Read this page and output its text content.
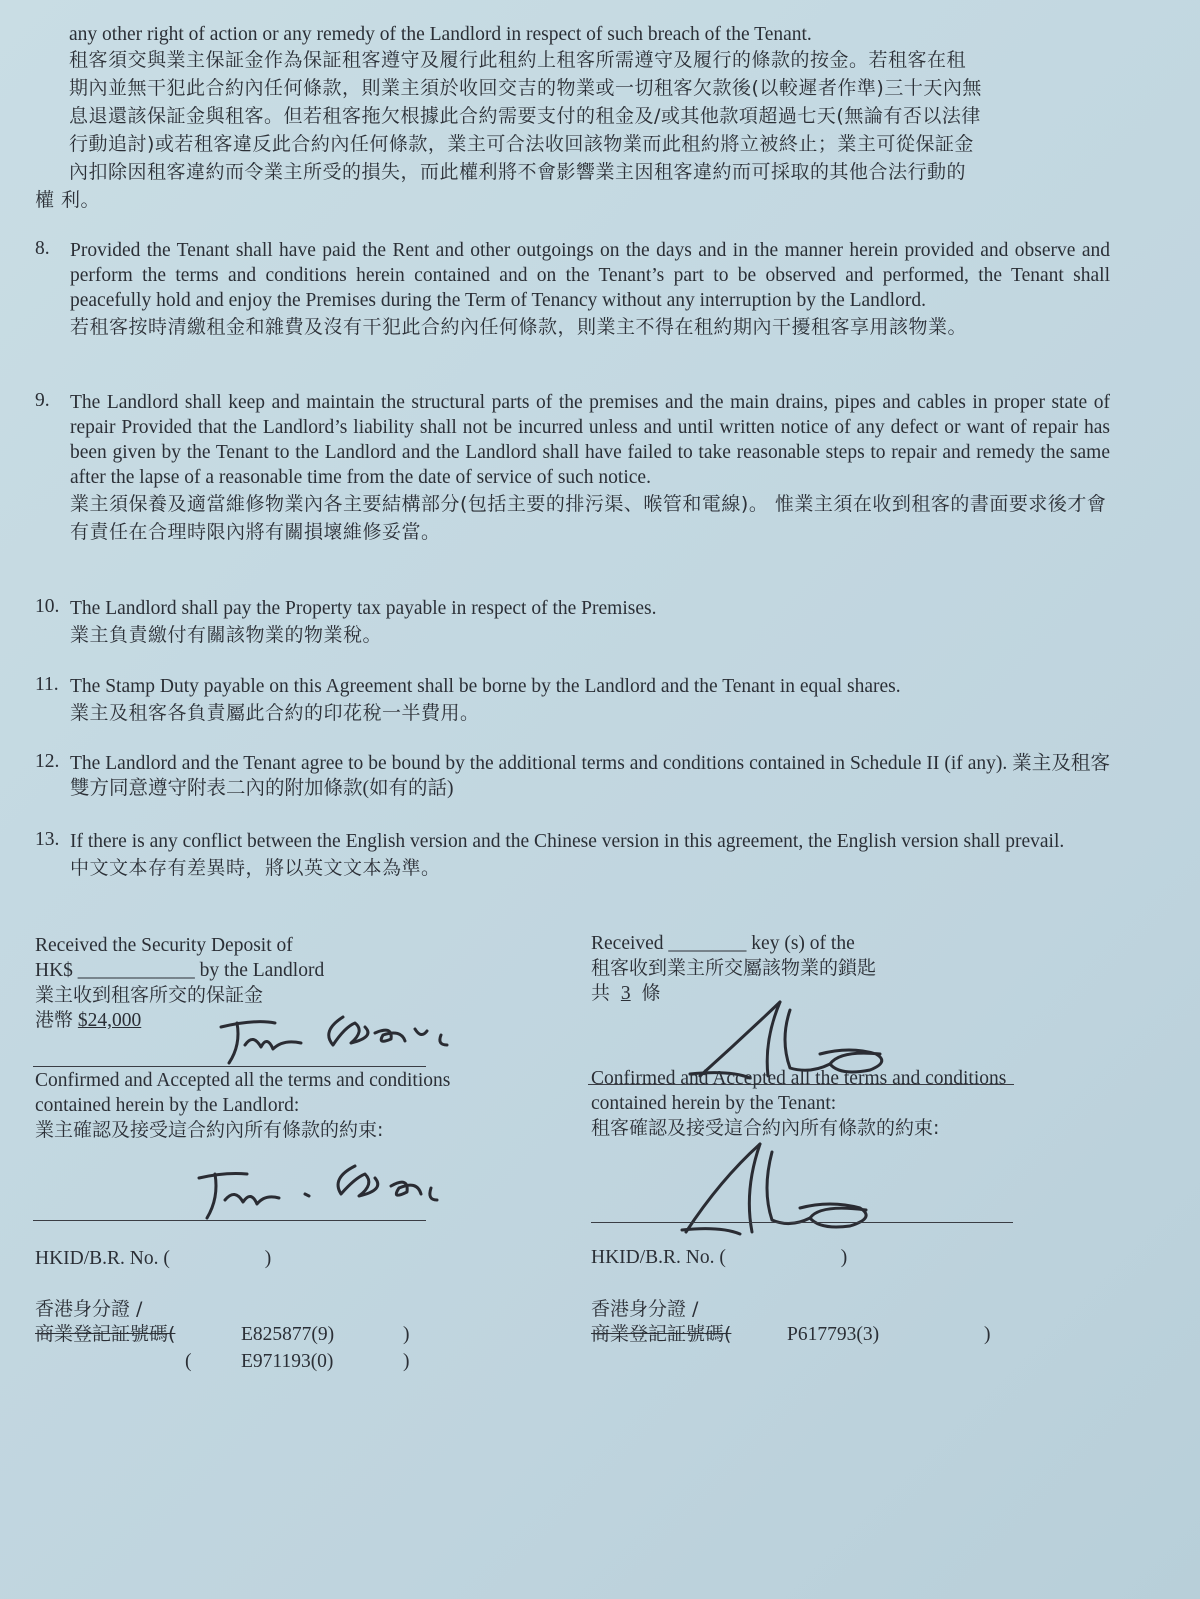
any other right of action or any remedy of the Landlord in respect of such breach of the Tenant.
租客須交與業主保証金作為保証租客遵守及履行此租約上租客所需遵守及履行的條款的按金。若租客在租
期內並無干犯此合約內任何條款，則業主須於收回交吉的物業或一切租客欠款後(以較遲者作準)三十天內無
息退還該保証金與租客。但若租客拖欠根據此合約需要支付的租金及/或其他款項超過七天(無論有否以法律
行動追討)或若租客違反此合約內任何條款，業主可合法收回該物業而此租約將立被終止；業主可從保証金
內扣除因租客違約而令業主所受的損失，而此權利將不會影響業主因租客違約而可採取的其他合法行動的
權 利。
8. Provided the Tenant shall have paid the Rent and other outgoings on the days and in the manner herein provided and observe and perform the terms and conditions herein contained and on the Tenant’s part to be observed and performed, the Tenant shall peacefully hold and enjoy the Premises during the Term of Tenancy without any interruption by the Landlord.
若租客按時清繳租金和雜費及沒有干犯此合約內任何條款，則業主不得在租約期內干擾租客享用該物業。
9. The Landlord shall keep and maintain the structural parts of the premises and the main drains, pipes and cables in proper state of repair Provided that the Landlord’s liability shall not be incurred unless and until written notice of any defect or want of repair has been given by the Tenant to the Landlord and the Landlord shall have failed to take reasonable steps to repair and remedy the same after the lapse of a reasonable time from the date of service of such notice.
業主須保養及適當維修物業內各主要結構部分(包括主要的排污渠、喉管和電線)。 惟業主須在收到租客的書面要求後才會有責任在合理時限內將有關損壞維修妥當。
10. The Landlord shall pay the Property tax payable in respect of the Premises.
業主負責繳付有關該物業的物業稅。
11. The Stamp Duty payable on this Agreement shall be borne by the Landlord and the Tenant in equal shares.
業主及租客各負責屬此合約的印花稅一半費用。
12. The Landlord and the Tenant agree to be bound by the additional terms and conditions contained in Schedule II (if any). 業主及租客雙方同意遵守附表二內的附加條款(如有的話)
13. If there is any conflict between the English version and the Chinese version in this agreement, the English version shall prevail.
中文文本存有差異時，將以英文文本為準。
Received the Security Deposit of
HK$ ____________ by the Landlord
業主收到租客所交的保証金
港幣 $24,000
Confirmed and Accepted all the terms and conditions
contained herein by the Landlord:
業主確認及接受這合約內所有條款的約束:
HKID/B.R. No. (	)
香港身分證 /
商業登記証號碼(	E825877(9)	)
(	E971193(0)	)
Received ________ key (s) of the
租客收到業主所交屬該物業的鎖匙
共 3 條
Confirmed and Accepted all the terms and conditions
contained herein by the Tenant:
租客確認及接受這合約內所有條款的約束:
HKID/B.R. No. (	)
香港身分證 /
商業登記証號碼(	P617793(3)	)
